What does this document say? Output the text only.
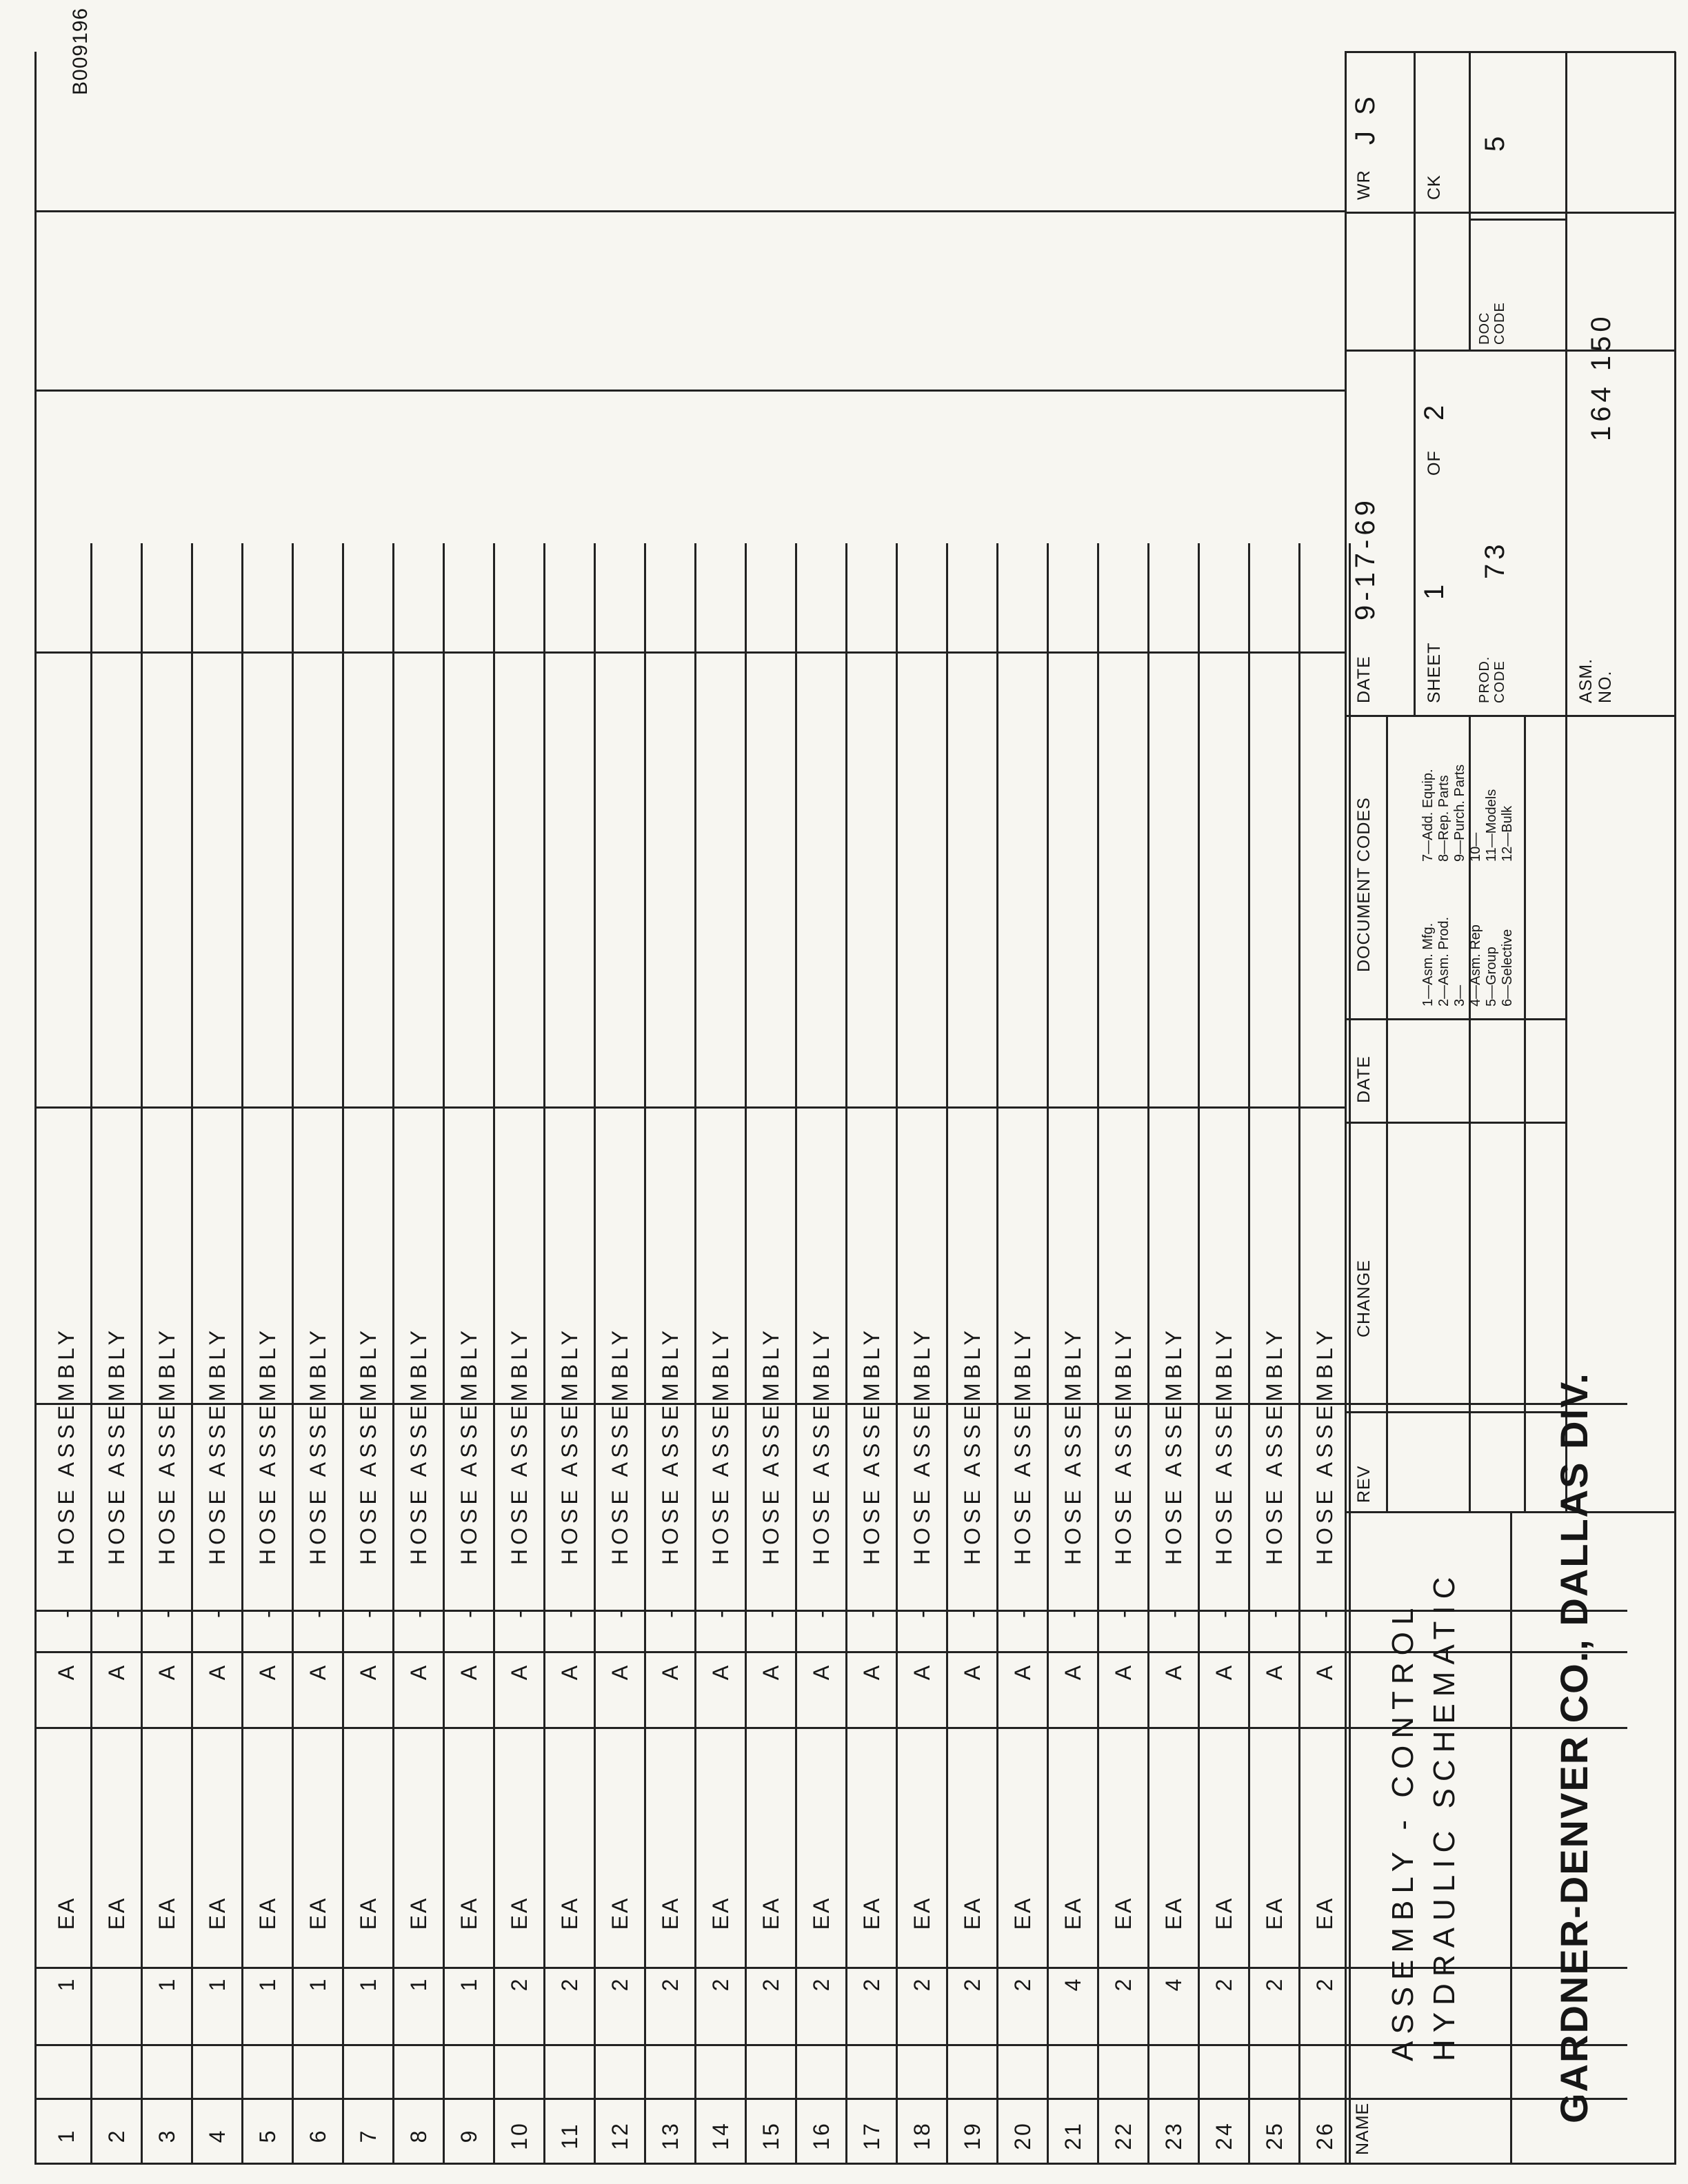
B009196
1
1
EA
A
-
HOSE ASSEMBLY
2
EA
A
-
HOSE ASSEMBLY
3
1
EA
A
-
HOSE ASSEMBLY
4
1
EA
A
-
HOSE ASSEMBLY
5
1
EA
A
-
HOSE ASSEMBLY
6
1
EA
A
-
HOSE ASSEMBLY
7
1
EA
A
-
HOSE ASSEMBLY
8
1
EA
A
-
HOSE ASSEMBLY
9
1
EA
A
-
HOSE ASSEMBLY
10
2
EA
A
-
HOSE ASSEMBLY
11
2
EA
A
-
HOSE ASSEMBLY
12
2
EA
A
-
HOSE ASSEMBLY
13
2
EA
A
-
HOSE ASSEMBLY
14
2
EA
A
-
HOSE ASSEMBLY
15
2
EA
A
-
HOSE ASSEMBLY
16
2
EA
A
-
HOSE ASSEMBLY
17
2
EA
A
-
HOSE ASSEMBLY
18
2
EA
A
-
HOSE ASSEMBLY
19
2
EA
A
-
HOSE ASSEMBLY
20
2
EA
A
-
HOSE ASSEMBLY
21
4
EA
A
-
HOSE ASSEMBLY
22
2
EA
A
-
HOSE ASSEMBLY
23
4
EA
A
-
HOSE ASSEMBLY
24
2
EA
A
-
HOSE ASSEMBLY
25
2
EA
A
-
HOSE ASSEMBLY
26
2
EA
A
-
HOSE ASSEMBLY
NAME
ASSEMBLY - CONTROL HYDRAULIC SCHEMATIC GARDNER-DENVER CO., DALLAS DIV.
REV
CHANGE
DATE
DOCUMENT CODES
1—Asm. Mfg.
2—Asm. Prod.
3—
4—Asm. Rep
5—Group
6—Selective
7—Add. Equip.
8—Rep. Parts
9—Purch. Parts
10—
11—Models
12—Bulk
DATE
9-17-69
WR
J S
SHEET
1
OF
2
CK
PROD. CODE
73
DOC CODE
5
ASM. NO.
164 150
